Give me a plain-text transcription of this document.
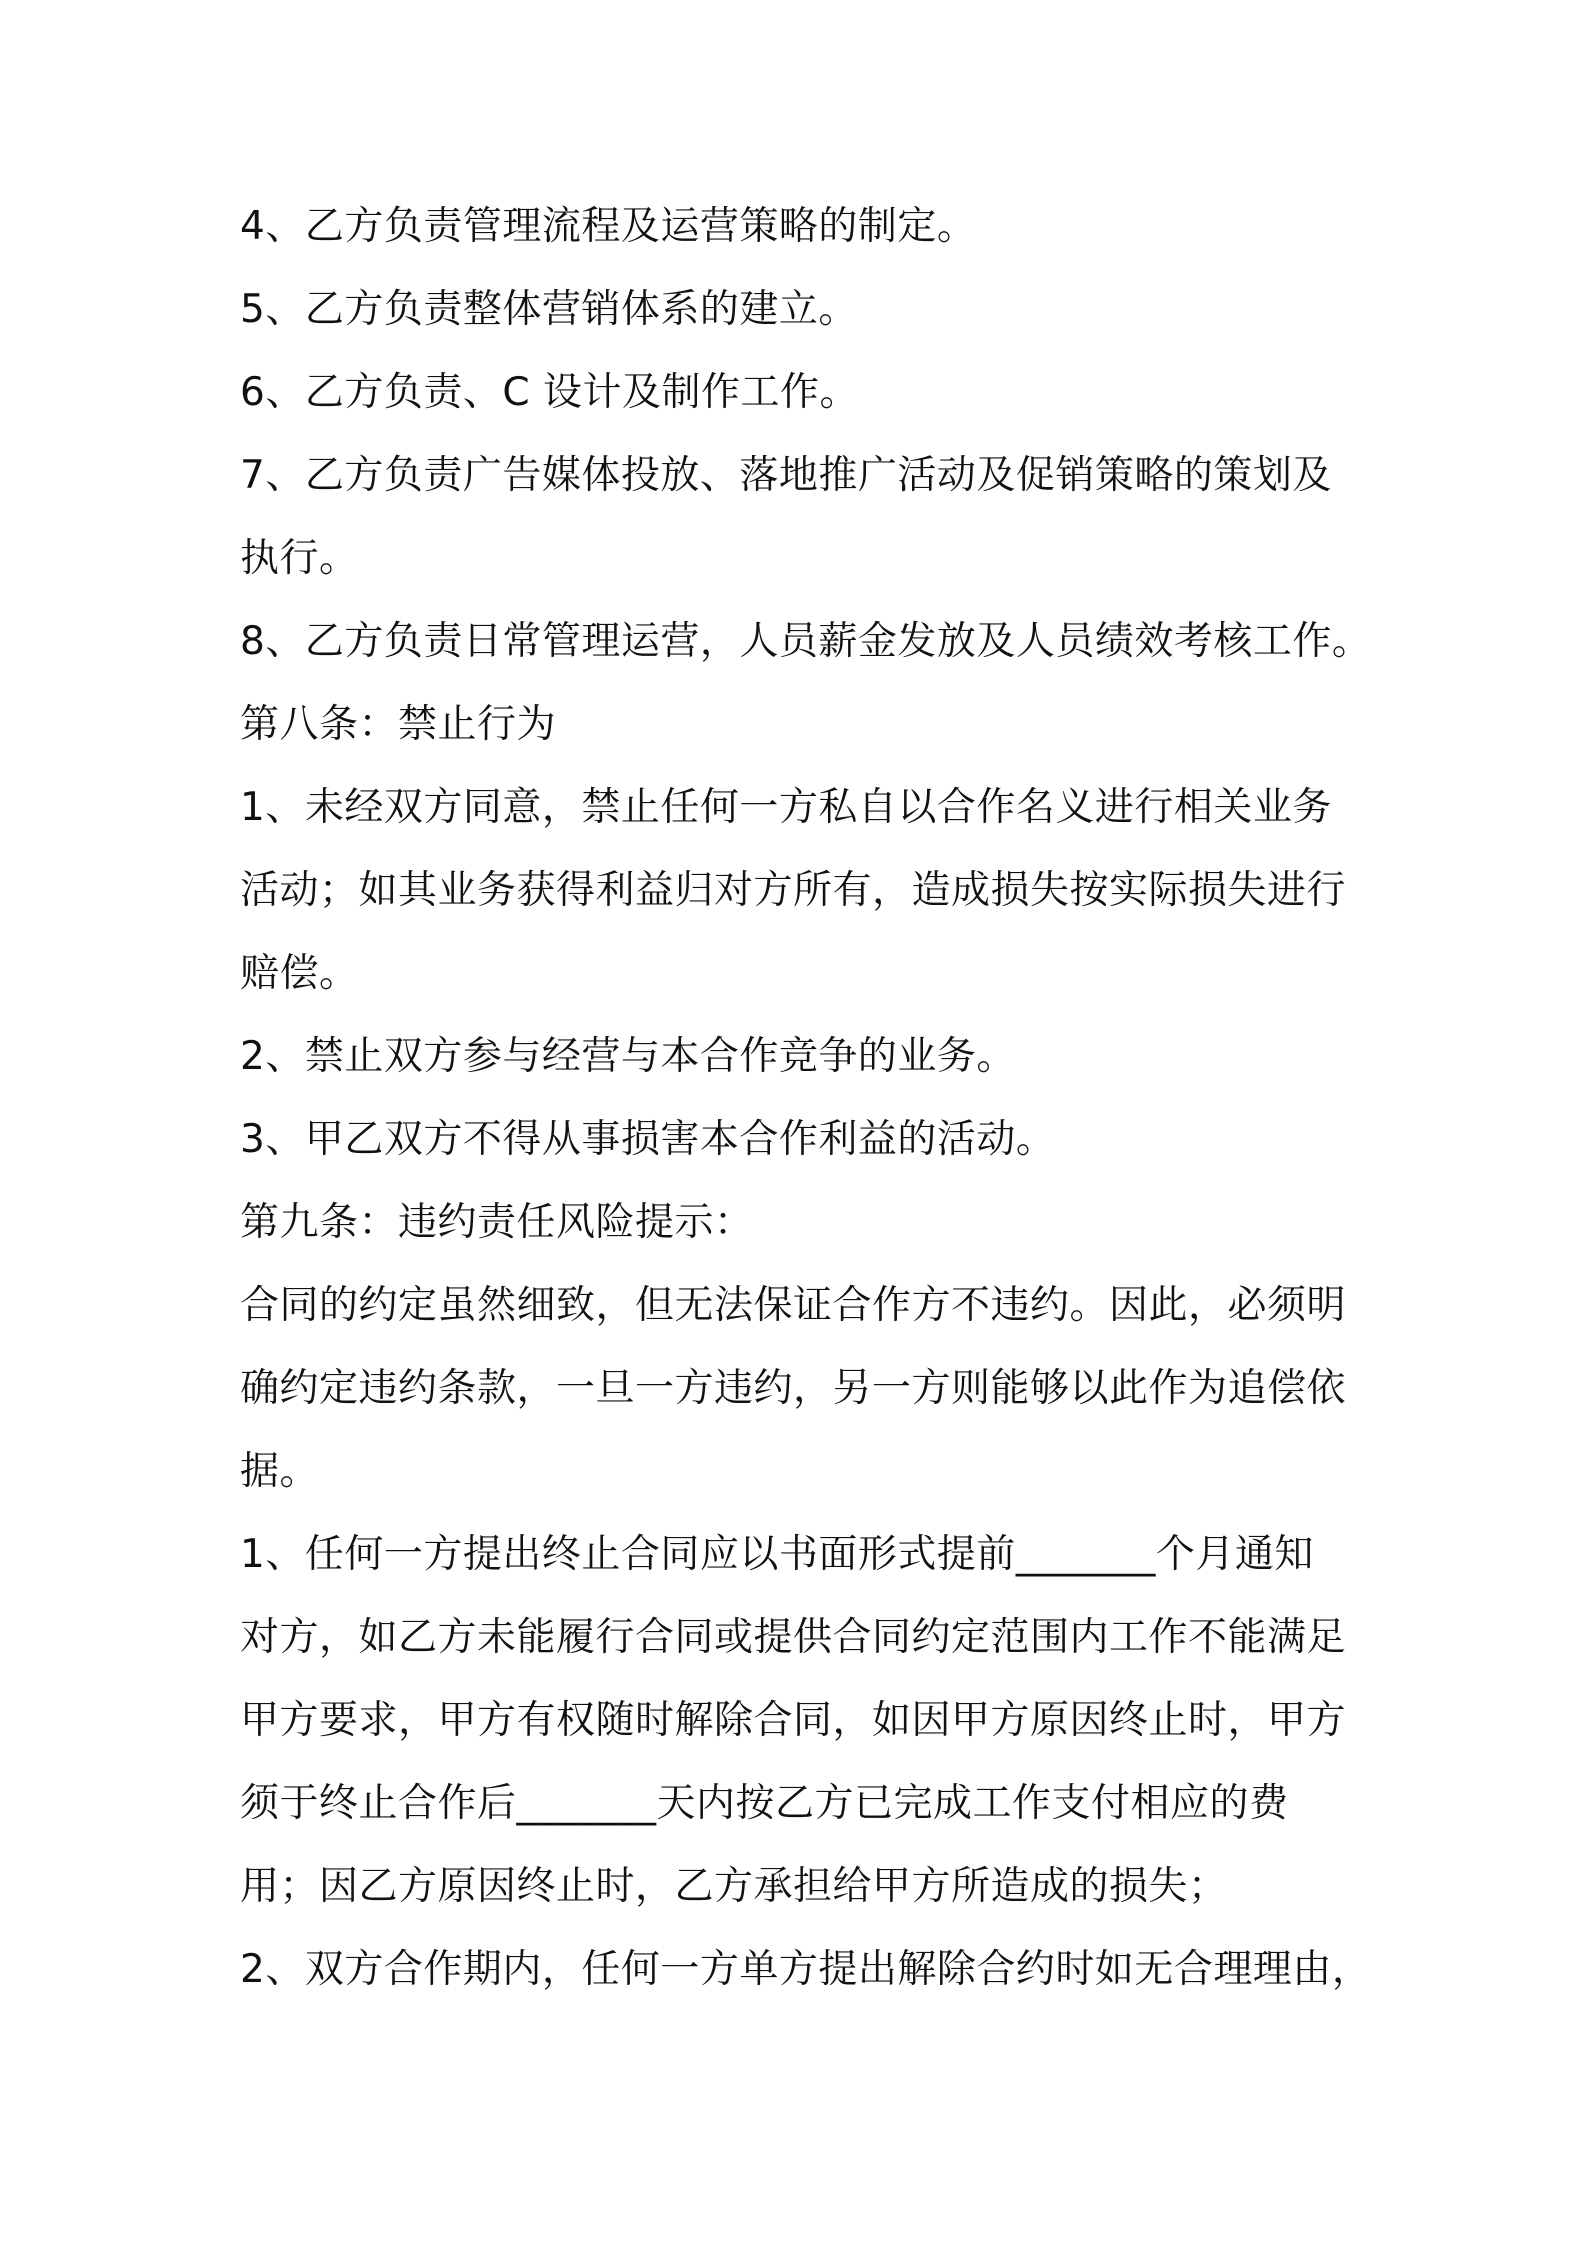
4、乙方负责管理流程及运营策略的制定。

5、乙方负责整体营销体系的建立。

6、乙方负责、C 设计及制作工作。

7、乙方负责广告媒体投放、落地推广活动及促销策略的策划及

执行。

8、乙方负责日常管理运营，人员薪金发放及人员绩效考核工作。

第八条：禁止行为

1、未经双方同意，禁止任何一方私自以合作名义进行相关业务

活动；如其业务获得利益归对方所有，造成损失按实际损失进行

赔偿。

2、禁止双方参与经营与本合作竞争的业务。

3、甲乙双方不得从事损害本合作利益的活动。

第九条：违约责任风险提示：

合同的约定虽然细致，但无法保证合作方不违约。因此，必须明

确约定违约条款，一旦一方违约，另一方则能够以此作为追偿依

据。

1、任何一方提出终止合同应以书面形式提前_______个月通知

对方，如乙方未能履行合同或提供合同约定范围内工作不能满足

甲方要求，甲方有权随时解除合同，如因甲方原因终止时，甲方

须于终止合作后_______天内按乙方已完成工作支付相应的费

用；因乙方原因终止时，乙方承担给甲方所造成的损失；

2、双方合作期内，任何一方单方提出解除合约时如无合理理由，
